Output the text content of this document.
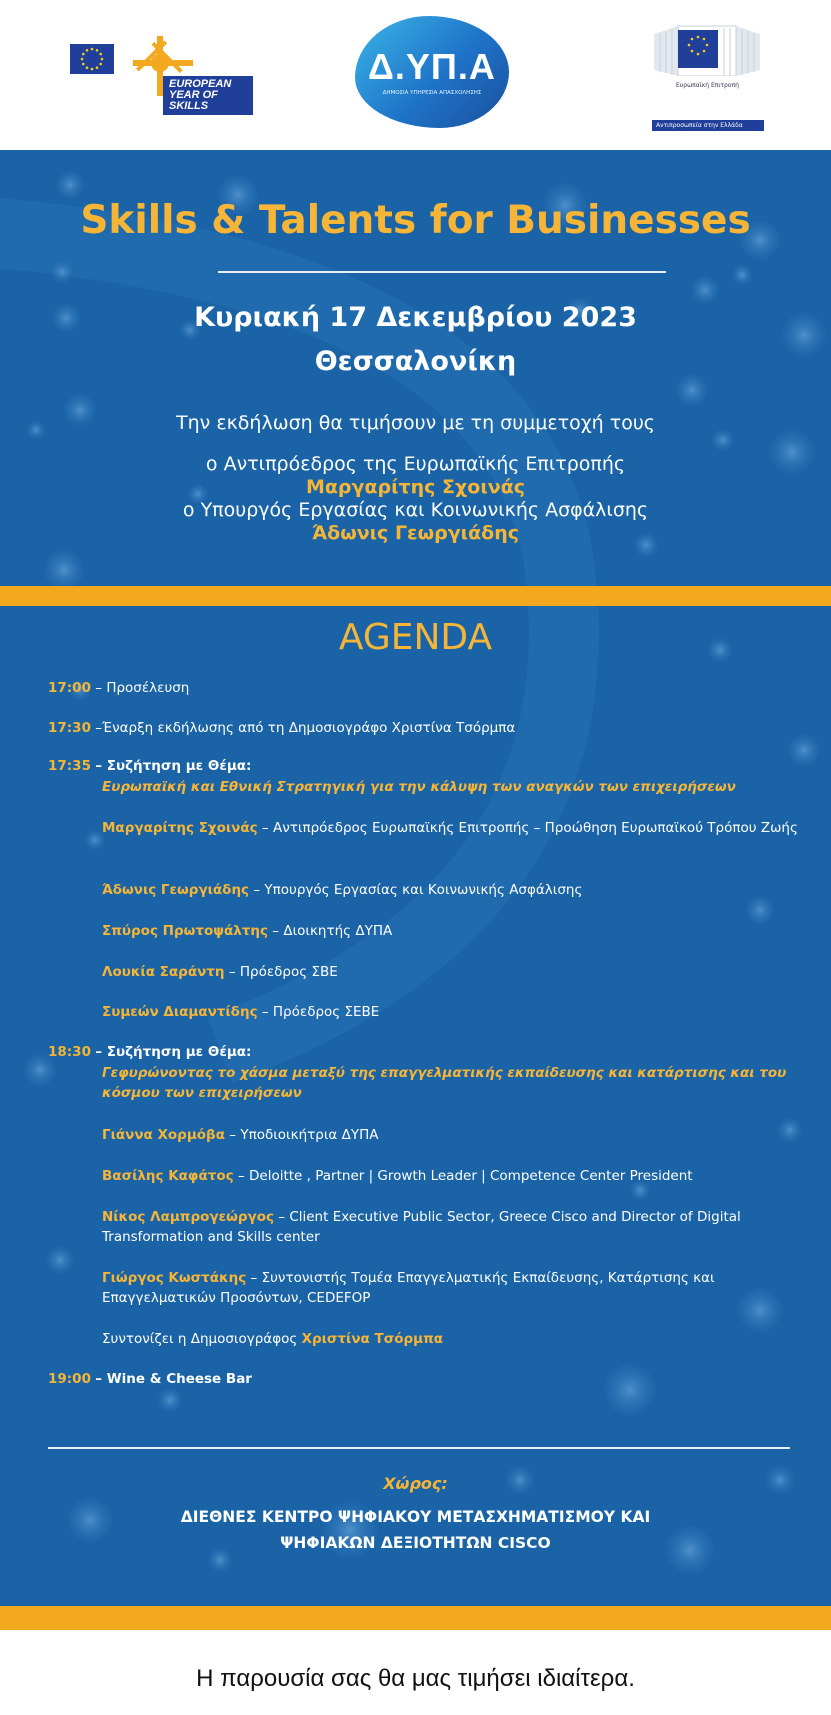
EUROPEAN YEAR OF SKILLS
Δ.ΥΠ.Α
ΔΗΜΟΣΙΑ ΥΠΗΡΕΣΙΑ ΑΠΑΣΧΟΛΗΣΗΣ
Ευρωπαϊκή Επιτροπή
Αντιπροσωπεία στην Ελλάδα
Skills & Talents for Businesses
Κυριακή 17 Δεκεμβρίου 2023
Θεσσαλονίκη
Την εκδήλωση θα τιμήσουν με τη συμμετοχή τους
ο Αντιπρόεδρος της Ευρωπαϊκής Επιτροπής
Μαργαρίτης Σχοινάς
ο Υπουργός Εργασίας και Κοινωνικής Ασφάλισης
Άδωνις Γεωργιάδης
AGENDA
17:00 – Προσέλευση
17:30 –Έναρξη εκδήλωσης από τη Δημοσιογράφο Χριστίνα Τσόρμπα
17:35 – Συζήτηση με Θέμα:
Ευρωπαϊκή και Εθνική Στρατηγική για την κάλυψη των αναγκών των επιχειρήσεων
Μαργαρίτης Σχοινάς – Αντιπρόεδρος Ευρωπαϊκής Επιτροπής – Προώθηση Ευρωπαϊκού Τρόπου Ζωής
Άδωνις Γεωργιάδης – Υπουργός Εργασίας και Κοινωνικής Ασφάλισης
Σπύρος Πρωτοψάλτης – Διοικητής ΔΥΠΑ
Λουκία Σαράντη – Πρόεδρος ΣΒΕ
Συμεών Διαμαντίδης – Πρόεδρος ΣΕΒΕ
18:30 – Συζήτηση με Θέμα:
Γεφυρώνοντας το χάσμα μεταξύ της επαγγελματικής εκπαίδευσης και κατάρτισης και του κόσμου των επιχειρήσεων
Γιάννα Χορμόβα – Υποδιοικήτρια ΔΥΠΑ
Βασίλης Καφάτος – Deloitte , Partner | Growth Leader | Competence Center President
Νίκος Λαμπρογεώργος – Client Executive Public Sector, Greece Cisco and Director of Digital Transformation and Skills center
Γιώργος Κωστάκης – Συντονιστής Τομέα Επαγγελματικής Εκπαίδευσης, Κατάρτισης και Επαγγελματικών Προσόντων, CEDEFOP
Συντονίζει η Δημοσιογράφος Χριστίνα Τσόρμπα
19:00 – Wine & Cheese Bar
Χώρος:
ΔΙΕΘΝΕΣ ΚΕΝΤΡΟ ΨΗΦΙΑΚΟΥ ΜΕΤΑΣΧΗΜΑΤΙΣΜΟΥ ΚΑΙ
ΨΗΦΙΑΚΩΝ ΔΕΞΙΟΤΗΤΩΝ CISCO
Η παρουσία σας θα μας τιμήσει ιδιαίτερα.
